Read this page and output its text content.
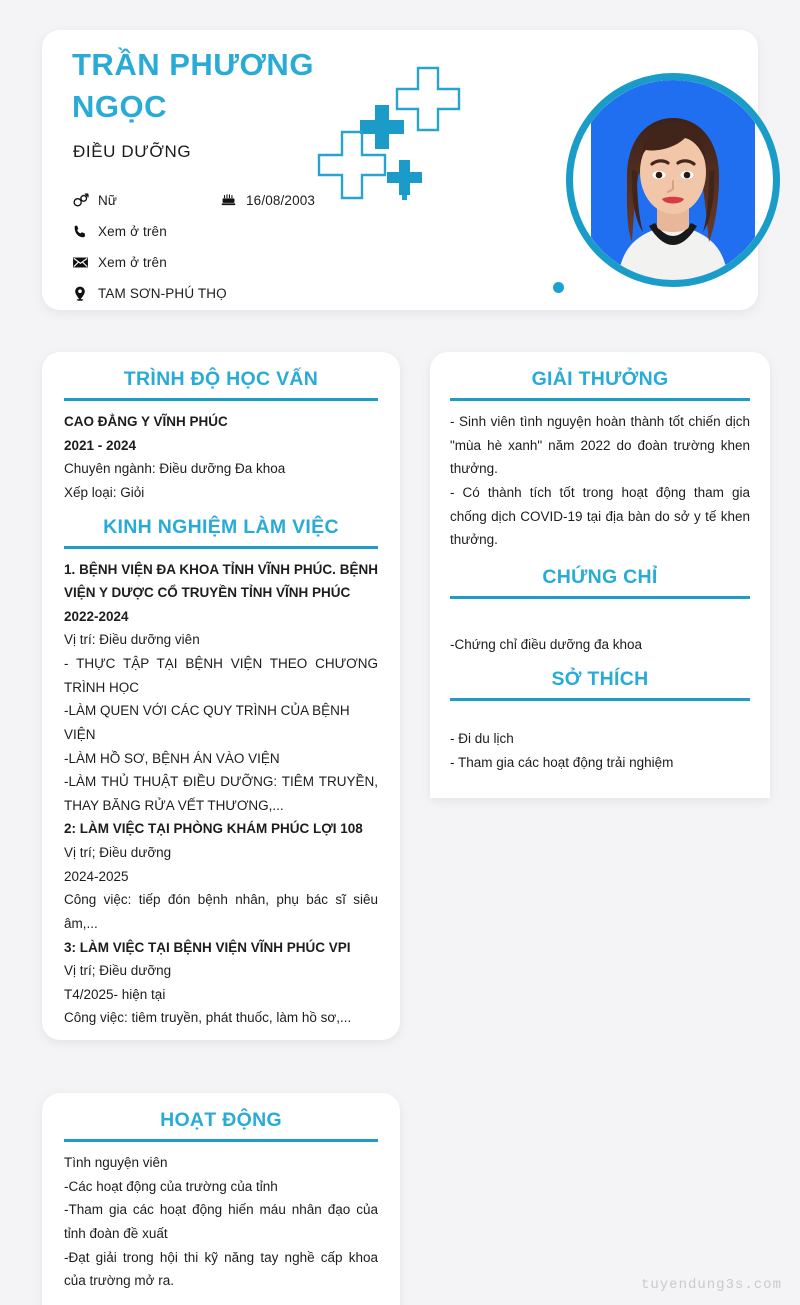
TRẦN PHƯƠNG NGỌC
ĐIỀU DƯỠNG
Nữ	16/08/2003
Xem ở trên
Xem ở trên
TAM SƠN-PHÚ THỌ
TRÌNH ĐỘ HỌC VẤN
CAO ĐẲNG Y VĨNH PHÚC
2021 - 2024
Chuyên ngành: Điều dưỡng Đa khoa
Xếp loại: Giỏi
KINH NGHIỆM LÀM VIỆC
1. BỆNH VIỆN ĐA KHOA TỈNH VĨNH PHÚC. BỆNH VIỆN Y DƯỢC CỔ TRUYỀN TỈNH VĨNH PHÚC
2022-2024
Vị trí: Điều dưỡng viên
- THỰC TẬP TẠI BỆNH VIỆN THEO CHƯƠNG TRÌNH HỌC
-LÀM QUEN VỚI CÁC QUY TRÌNH CỦA BỆNH VIỆN
-LÀM HỒ SƠ, BỆNH ÁN VÀO VIỆN
-LÀM THỦ THUẬT ĐIỀU DƯỠNG: TIÊM TRUYỀN, THAY BĂNG RỬA VẾT THƯƠNG,...
2: LÀM VIỆC TẠI PHÒNG KHÁM PHÚC LỢI 108
Vị trí; Điều dưỡng
2024-2025
Công việc: tiếp đón bệnh nhân, phụ bác sĩ siêu âm,...
3: LÀM VIỆC TẠI BỆNH VIỆN VĨNH PHÚC VPI
Vị trí; Điều dưỡng
T4/2025- hiện tại
Công việc: tiêm truyền, phát thuốc, làm hồ sơ,...
GIẢI THƯỞNG
- Sinh viên tình nguyện hoàn thành tốt chiến dịch "mùa hè xanh" năm 2022 do đoàn trường khen thưởng.
- Có thành tích tốt trong hoạt động tham gia chống dịch COVID-19 tại địa bàn do sở y tế khen thưởng.
CHỨNG CHỈ
-Chứng chỉ điều dưỡng đa khoa
SỞ THÍCH
- Đi du lịch
- Tham gia các hoạt động trải nghiệm
HOẠT ĐỘNG
Tình nguyện viên
-Các hoạt động của trường của tỉnh
-Tham gia các hoạt động hiến máu nhân đạo của tỉnh đoàn đề xuất
-Đạt giải trong hội thi kỹ năng tay nghề cấp khoa của trường mở ra.	tuyendung3s.com
